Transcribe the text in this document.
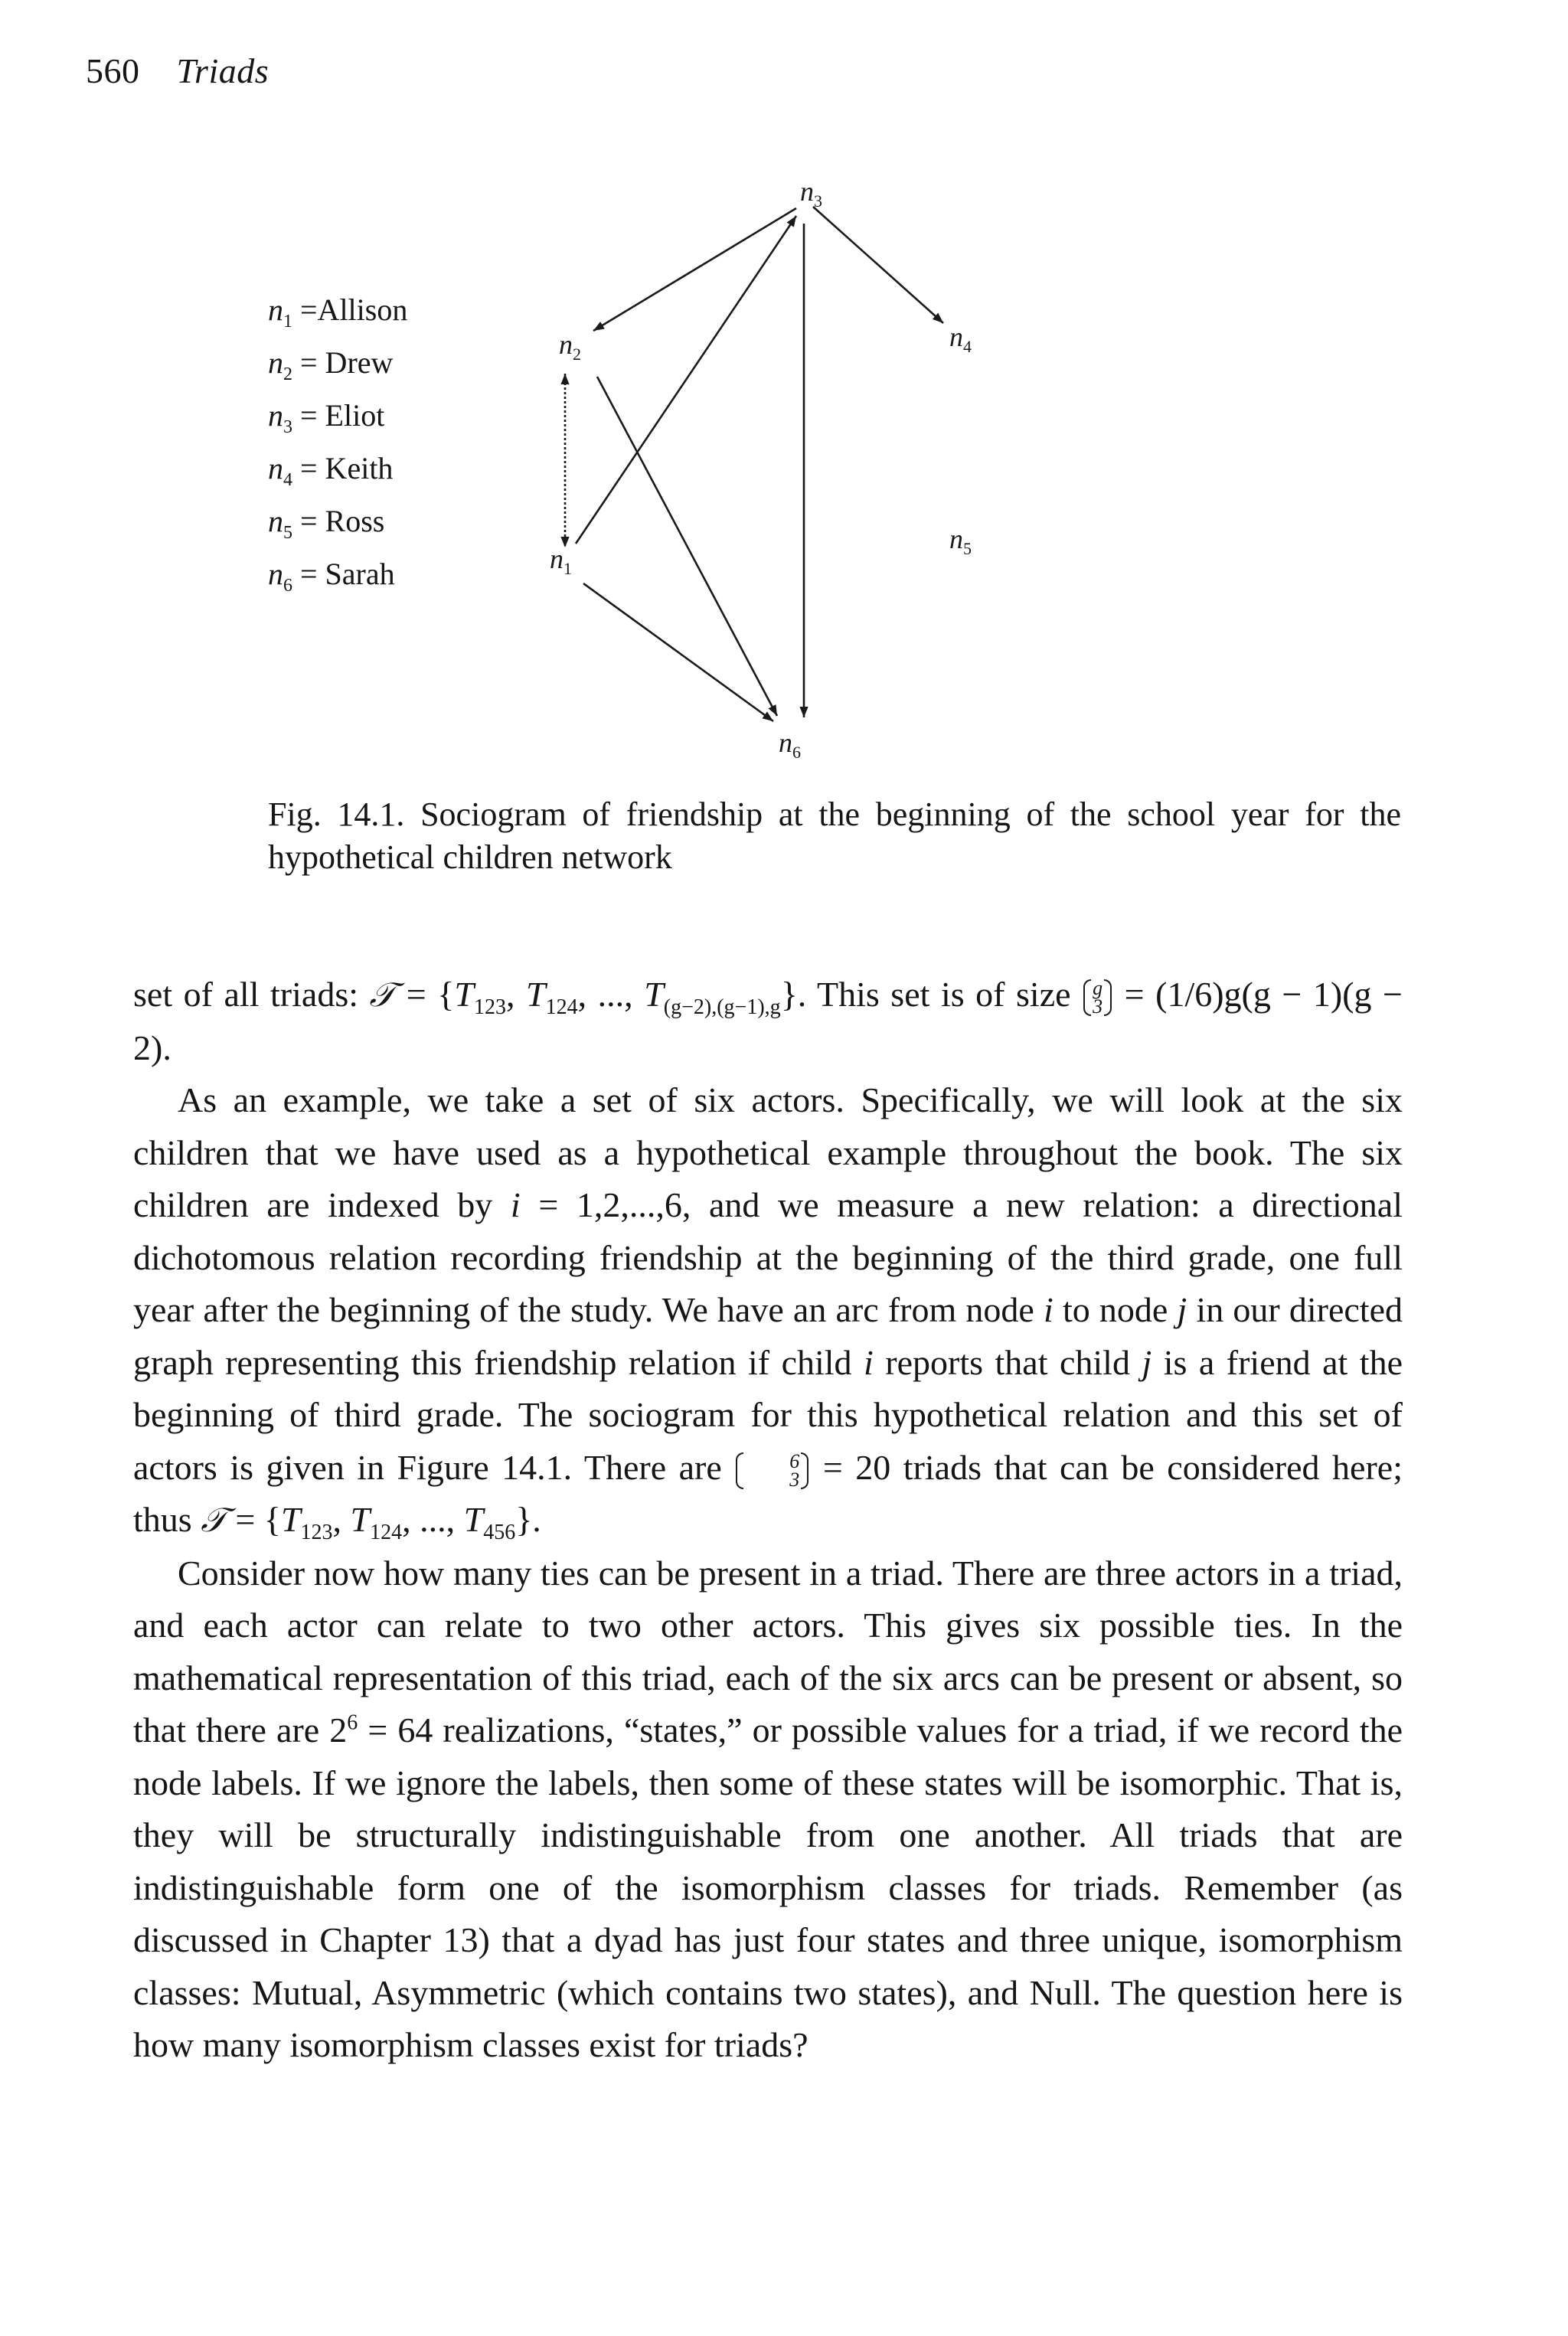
560 Triads
$n_1$ =Allison
$n_2$ = Drew
$n_3$ = Eliot
$n_4$ = Keith
$n_5$ = Ross
$n_6$ = Sarah
$n_3$
$n_2$
$n_4$
$n_1$
$n_5$
$n_6$
Fig. 14.1. Sociogram of friendship at the beginning of the school year for the hypothetical children network

set of all triads: 𝒯 = {$T_{123}$, $T_{124}$, ..., $T_{(g-2),(g-1),g}$}. This set is of size g
3 = (1/6)g(g − 1)(g − 2).

As an example, we take a set of six actors. Specifically, we will look at the six children that we have used as a hypothetical example throughout the book. The six children are indexed by i = 1,2,...,6, and we measure a new relation: a directional dichotomous relation recording friendship at the beginning of the third grade, one full year after the beginning of the study. We have an arc from node i to node j in our directed graph representing this friendship relation if child i reports that child j is a friend at the beginning of third grade. The sociogram for this hypothetical relation and this set of actors is given in Figure 14.1. There are	6
3 = 20 triads that can be considered here; thus 𝒯 = {$T_{123}$, $T_{124}$, ..., $T_{456}$}.

Consider now how many ties can be present in a triad. There are three actors in a triad, and each actor can relate to two other actors. This gives six possible ties. In the mathematical representation of this triad, each of the six arcs can be present or absent, so that there are $2^6 = 64$ realizations, “states,” or possible values for a triad, if we record the node labels. If we ignore the labels, then some of these states will be isomorphic. That is, they will be structurally indistinguishable from one another. All triads that are indistinguishable form one of the isomorphism classes for triads. Remember (as discussed in Chapter 13) that a dyad has just four states and three unique, isomorphism classes: Mutual, Asymmetric (which contains two states), and Null. The question here is how many isomorphism classes exist for triads?
